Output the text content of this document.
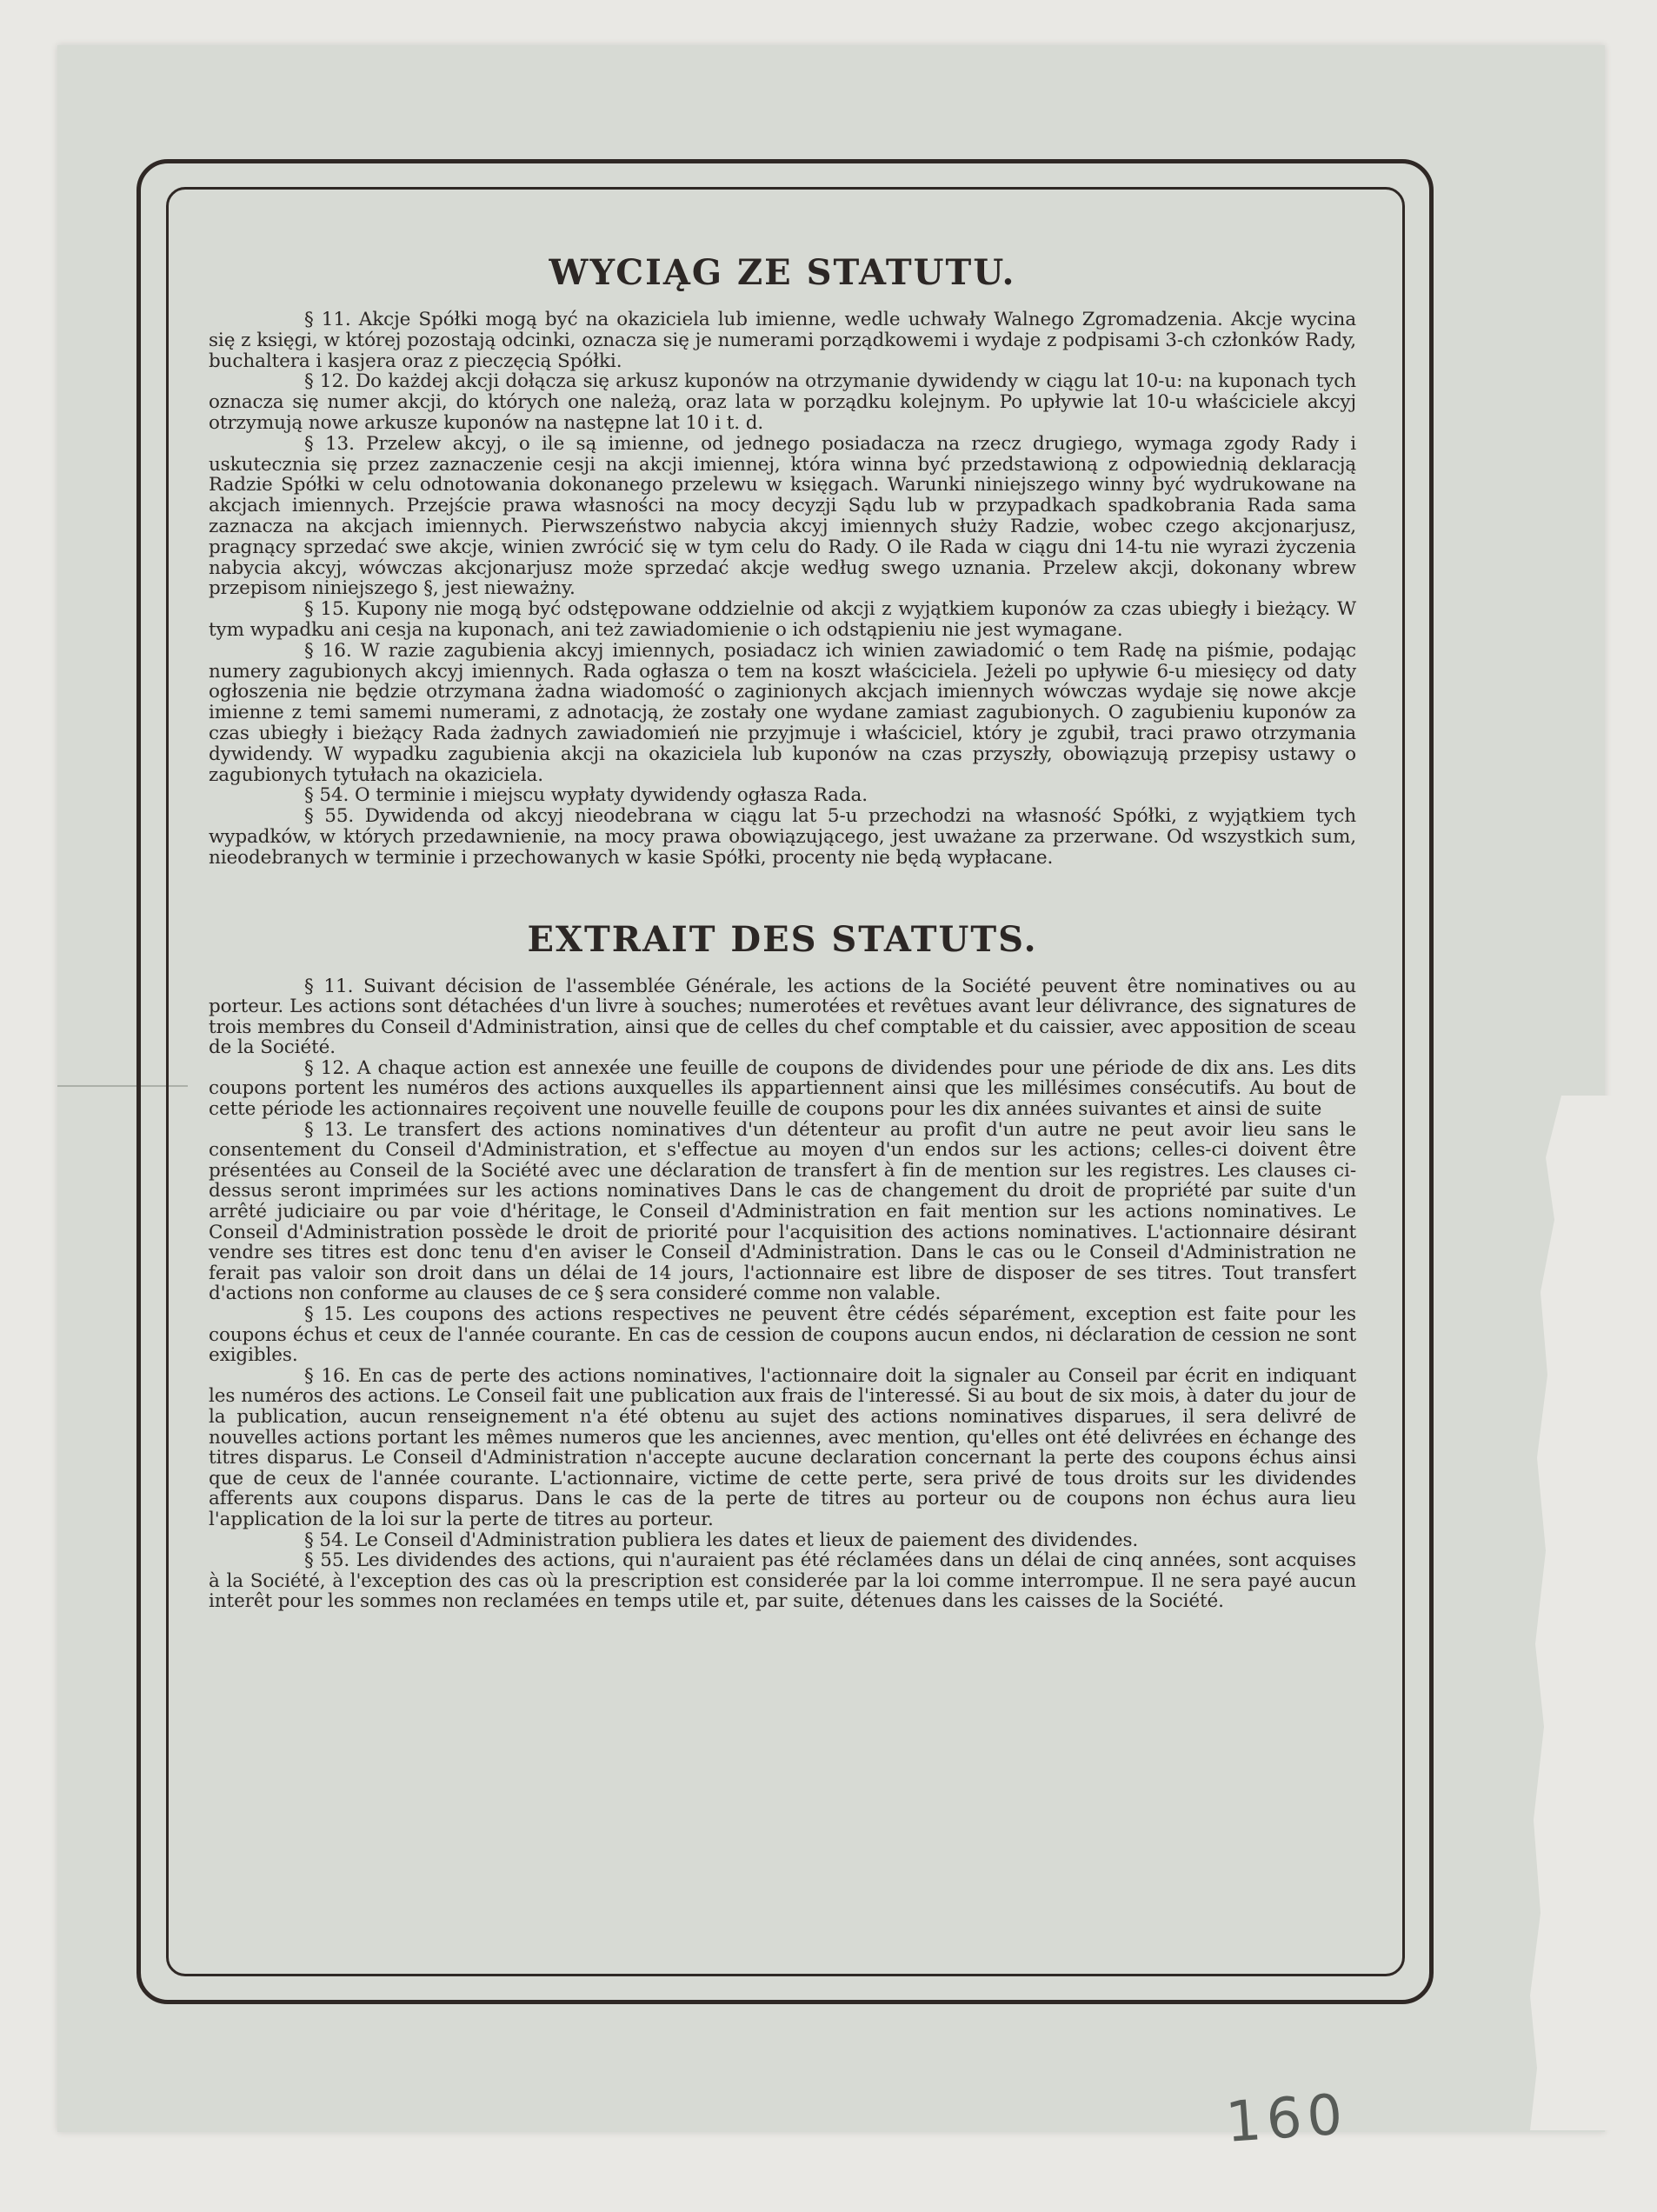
WYCIĄG ZE STATUTU.

§ 11. Akcje Spółki mogą być na okaziciela lub imienne, wedle uchwały Walnego Zgromadzenia. Akcje wycina się z księgi, w której pozostają odcinki, oznacza się je numerami porządkowemi i wydaje z podpisami 3-ch członków Rady, buchaltera i kasjera oraz z pieczęcią Spółki.

§ 12. Do każdej akcji dołącza się arkusz kuponów na otrzymanie dywidendy w ciągu lat 10-u: na kuponach tych oznacza się numer akcji, do których one należą, oraz lata w porządku kolejnym. Po upływie lat 10-u właściciele akcyj otrzymują nowe arkusze kuponów na następne lat 10 i t. d.

§ 13. Przelew akcyj, o ile są imienne, od jednego posiadacza na rzecz drugiego, wymaga zgody Rady i uskutecznia się przez zaznaczenie cesji na akcji imiennej, która winna być przedstawioną z odpowiednią deklaracją Radzie Spółki w celu odnotowania dokonanego przelewu w księgach. Warunki niniejszego winny być wydrukowane na akcjach imiennych. Przejście prawa własności na mocy decyzji Sądu lub w przypadkach spadkobrania Rada sama zaznacza na akcjach imiennych. Pierwszeństwo nabycia akcyj imiennych służy Radzie, wobec czego akcjonarjusz, pragnący sprzedać swe akcje, winien zwrócić się w tym celu do Rady. O ile Rada w ciągu dni 14-tu nie wyrazi życzenia nabycia akcyj, wówczas akcjonarjusz może sprzedać akcje według swego uznania. Przelew akcji, dokonany wbrew przepisom niniejszego §, jest nieważny.

§ 15. Kupony nie mogą być odstępowane oddzielnie od akcji z wyjątkiem kuponów za czas ubiegły i bieżący. W tym wypadku ani cesja na kuponach, ani też zawiadomienie o ich odstąpieniu nie jest wymagane.

§ 16. W razie zagubienia akcyj imiennych, posiadacz ich winien zawiadomić o tem Radę na piśmie, podając numery zagubionych akcyj imiennych. Rada ogłasza o tem na koszt właściciela. Jeżeli po upływie 6-u miesięcy od daty ogłoszenia nie będzie otrzymana żadna wiadomość o zaginionych akcjach imiennych wówczas wydaje się nowe akcje imienne z temi samemi numerami, z adnotacją, że zostały one wydane zamiast zagubionych. O zagubieniu kuponów za czas ubiegły i bieżący Rada żadnych zawiadomień nie przyjmuje i właściciel, który je zgubił, traci prawo otrzymania dywidendy. W wypadku zagubienia akcji na okaziciela lub kuponów na czas przyszły, obowiązują przepisy ustawy o zagubionych tytułach na okaziciela.

§ 54. O terminie i miejscu wypłaty dywidendy ogłasza Rada.

§ 55. Dywidenda od akcyj nieodebrana w ciągu lat 5-u przechodzi na własność Spółki, z wyjątkiem tych wypadków, w których przedawnienie, na mocy prawa obowiązującego, jest uważane za przerwane. Od wszystkich sum, nieodebranych w terminie i przechowanych w kasie Spółki, procenty nie będą wypłacane.

EXTRAIT DES STATUTS.

§ 11. Suivant décision de l'assemblée Générale, les actions de la Société peuvent être nominatives ou au porteur. Les actions sont détachées d'un livre à souches; numerotées et revêtues avant leur délivrance, des signatures de trois membres du Conseil d'Administration, ainsi que de celles du chef comptable et du caissier, avec apposition de sceau de la Société.

§ 12. A chaque action est annexée une feuille de coupons de dividendes pour une période de dix ans. Les dits coupons portent les numéros des actions auxquelles ils appartiennent ainsi que les millésimes consécutifs. Au bout de cette période les actionnaires reçoivent une nouvelle feuille de coupons pour les dix années suivantes et ainsi de suite

§ 13. Le transfert des actions nominatives d'un détenteur au profit d'un autre ne peut avoir lieu sans le consentement du Conseil d'Administration, et s'effectue au moyen d'un endos sur les actions; celles-ci doivent être présentées au Conseil de la Société avec une déclaration de transfert à fin de mention sur les registres. Les clauses ci-dessus seront imprimées sur les actions nominatives Dans le cas de changement du droit de propriété par suite d'un arrêté judiciaire ou par voie d'héritage, le Conseil d'Administration en fait mention sur les actions nominatives. Le Conseil d'Administration possède le droit de priorité pour l'acquisition des actions nominatives. L'actionnaire désirant vendre ses titres est donc tenu d'en aviser le Conseil d'Administration. Dans le cas ou le Conseil d'Administration ne ferait pas valoir son droit dans un délai de 14 jours, l'actionnaire est libre de disposer de ses titres. Tout transfert d'actions non conforme au clauses de ce § sera consideré comme non valable.

§ 15. Les coupons des actions respectives ne peuvent être cédés séparément, exception est faite pour les coupons échus et ceux de l'année courante. En cas de cession de coupons aucun endos, ni déclaration de cession ne sont exigibles.

§ 16. En cas de perte des actions nominatives, l'actionnaire doit la signaler au Conseil par écrit en indiquant les numéros des actions. Le Conseil fait une publication aux frais de l'interessé. Si au bout de six mois, à dater du jour de la publication, aucun renseignement n'a été obtenu au sujet des actions nominatives disparues, il sera delivré de nouvelles actions portant les mêmes numeros que les anciennes, avec mention, qu'elles ont été delivrées en échange des titres disparus. Le Conseil d'Administration n'accepte aucune declaration concernant la perte des coupons échus ainsi que de ceux de l'année courante. L'actionnaire, victime de cette perte, sera privé de tous droits sur les dividendes afferents aux coupons disparus. Dans le cas de la perte de titres au porteur ou de coupons non échus aura lieu l'application de la loi sur la perte de titres au porteur.

§ 54. Le Conseil d'Administration publiera les dates et lieux de paiement des dividendes.

§ 55. Les dividendes des actions, qui n'auraient pas été réclamées dans un délai de cinq années, sont acquises à la Société, à l'exception des cas où la prescription est considerée par la loi comme interrompue. Il ne sera payé aucun interêt pour les sommes non reclamées en temps utile et, par suite, détenues dans les caisses de la Société.

160
